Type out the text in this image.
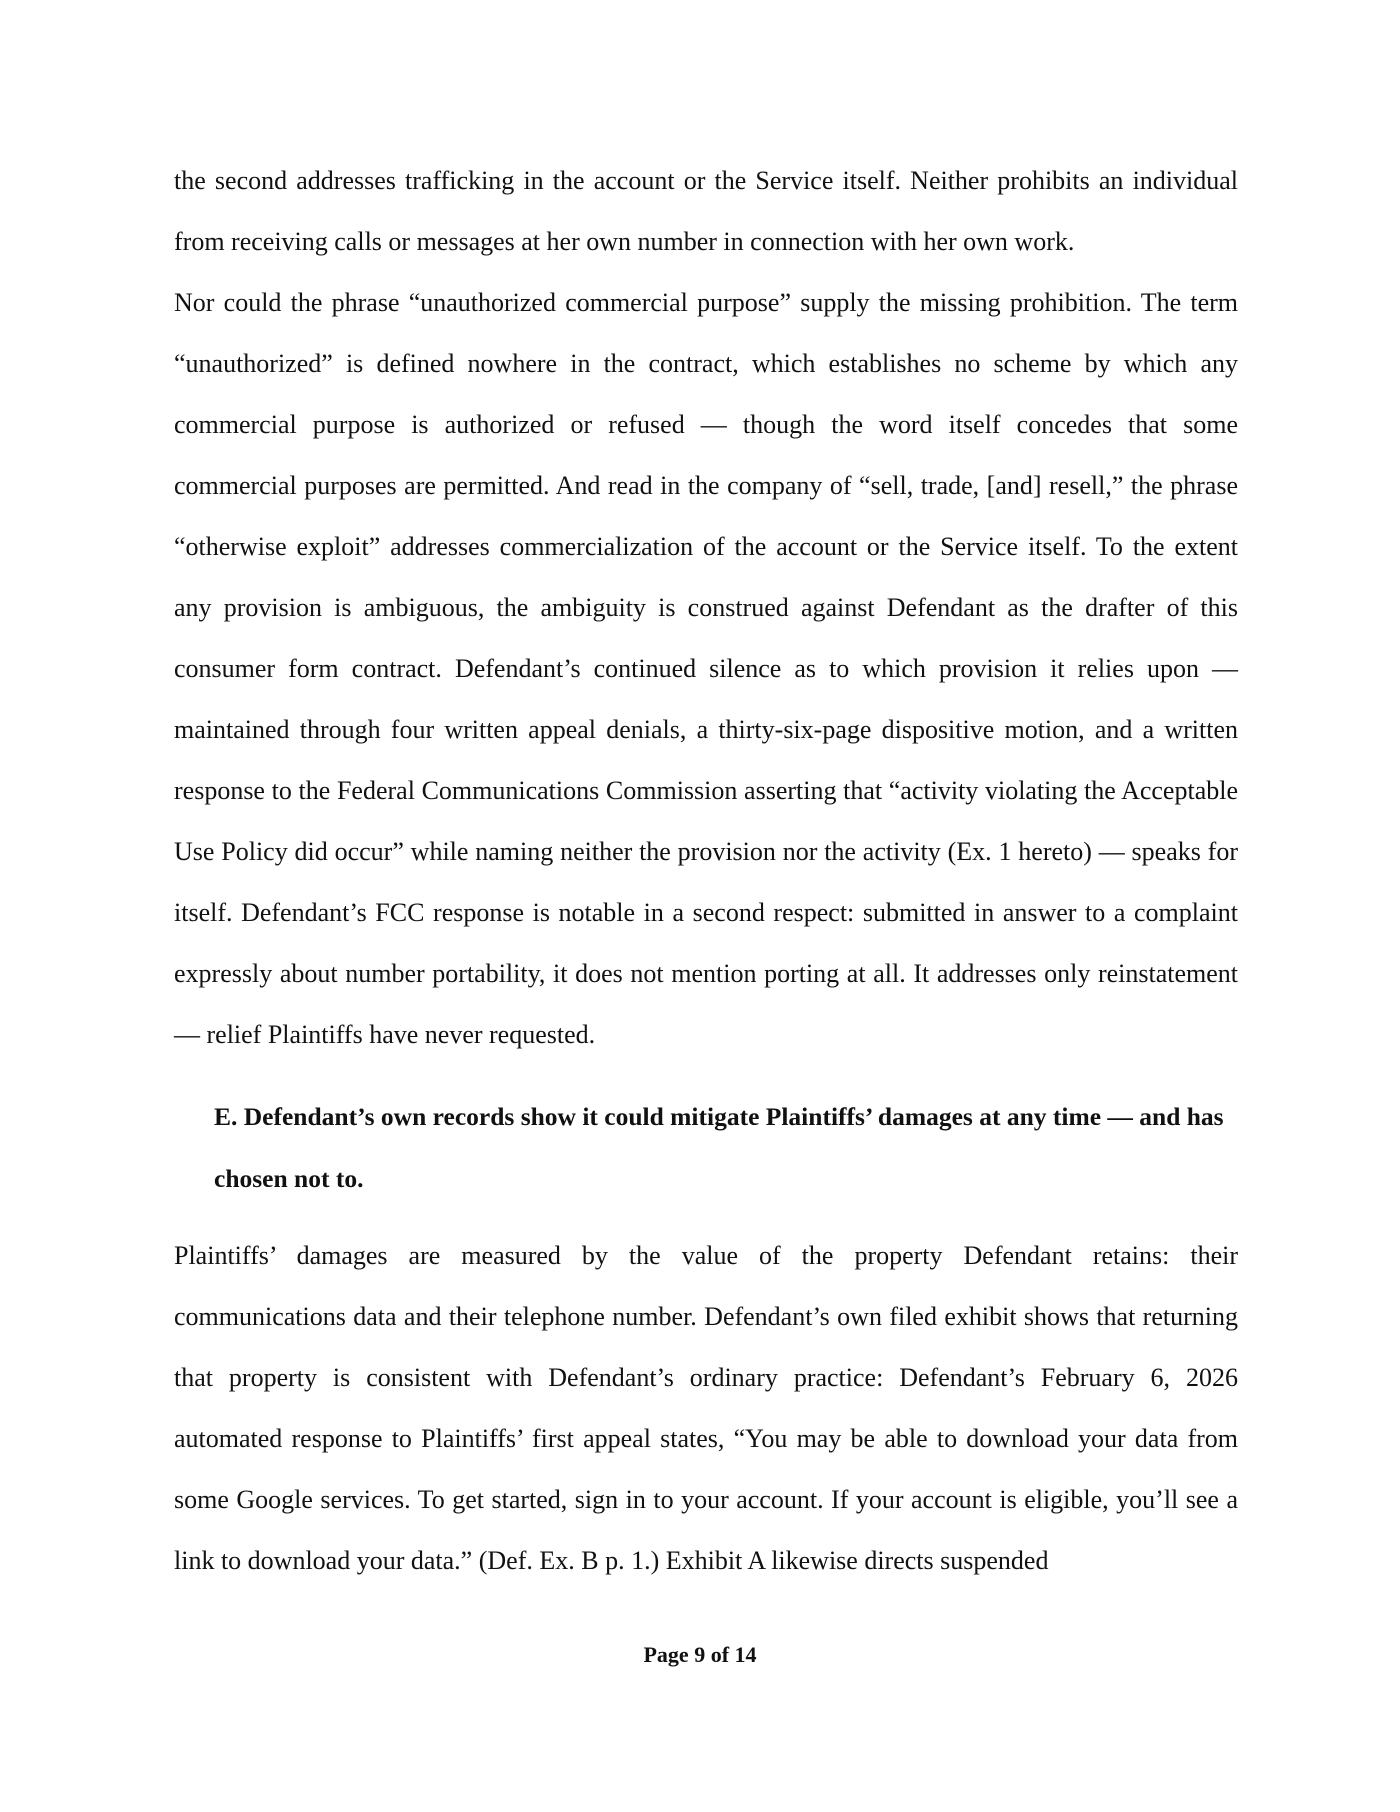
the second addresses trafficking in the account or the Service itself. Neither prohibits an individual from receiving calls or messages at her own number in connection with her own work.

Nor could the phrase “unauthorized commercial purpose” supply the missing prohibition. The term “unauthorized” is defined nowhere in the contract, which establishes no scheme by which any commercial purpose is authorized or refused — though the word itself concedes that some commercial purposes are permitted. And read in the company of “sell, trade, [and] resell,” the phrase “otherwise exploit” addresses commercialization of the account or the Service itself. To the extent any provision is ambiguous, the ambiguity is construed against Defendant as the drafter of this consumer form contract. Defendant’s continued silence as to which provision it relies upon — maintained through four written appeal denials, a thirty-six-page dispositive motion, and a written response to the Federal Communications Commission asserting that “activity violating the Acceptable Use Policy did occur” while naming neither the provision nor the activity (Ex. 1 hereto) — speaks for itself. Defendant’s FCC response is notable in a second respect: submitted in answer to a complaint expressly about number portability, it does not mention porting at all. It addresses only reinstatement — relief Plaintiffs have never requested.

E. Defendant’s own records show it could mitigate Plaintiffs’ damages at any time — and has chosen not to.

Plaintiffs’ damages are measured by the value of the property Defendant retains: their communications data and their telephone number. Defendant’s own filed exhibit shows that returning that property is consistent with Defendant’s ordinary practice: Defendant’s February 6, 2026 automated response to Plaintiffs’ first appeal states, “You may be able to download your data from some Google services. To get started, sign in to your account. If your account is eligible, you’ll see a link to download your data.” (Def. Ex. B p. 1.) Exhibit A likewise directs suspended

Page 9 of 14
